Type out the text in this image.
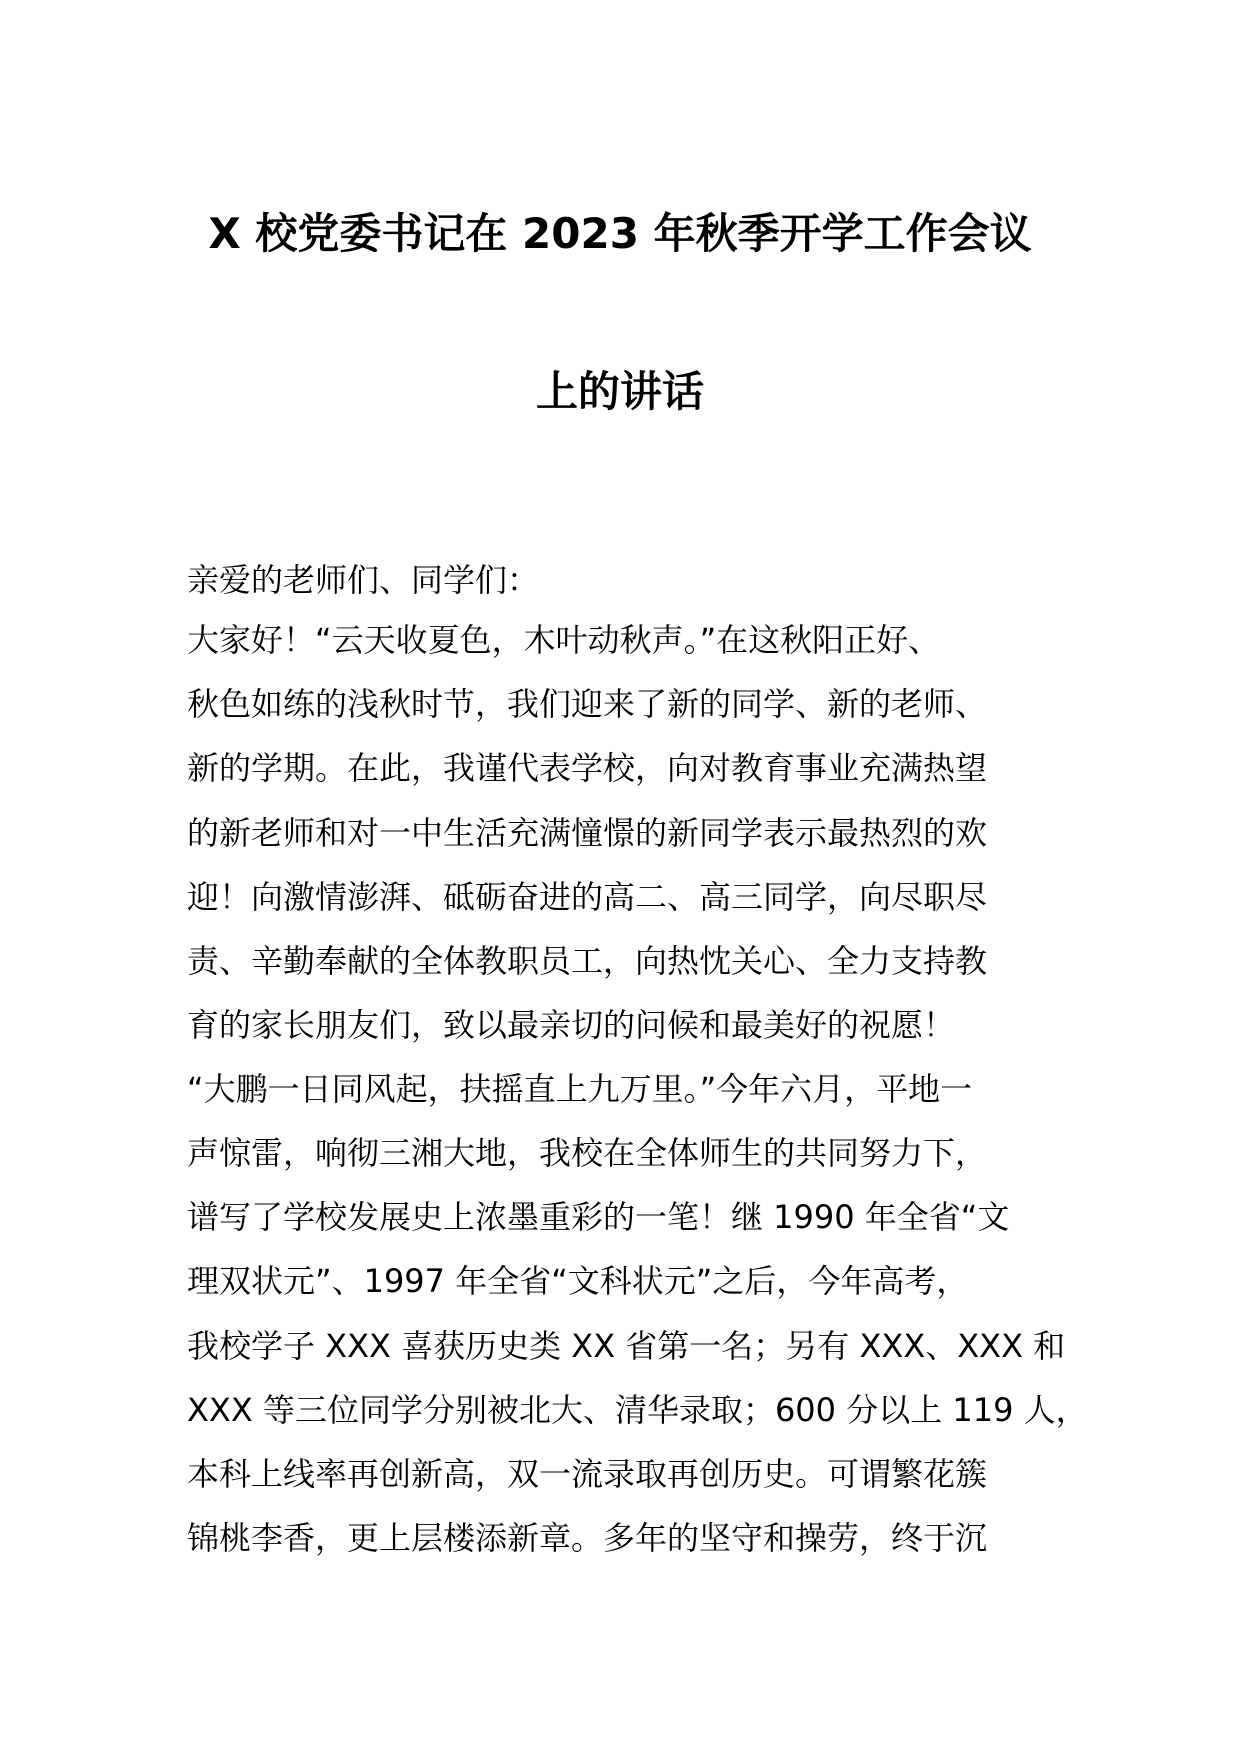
X 校党委书记在 2023 年秋季开学工作会议
上的讲话
亲爱的老师们、同学们：
大家好！“云天收夏色，木叶动秋声。”在这秋阳正好、
秋色如练的浅秋时节，我们迎来了新的同学、新的老师、
新的学期。在此，我谨代表学校，向对教育事业充满热望
的新老师和对一中生活充满憧憬的新同学表示最热烈的欢
迎！向激情澎湃、砥砺奋进的高二、高三同学，向尽职尽
责、辛勤奉献的全体教职员工，向热忱关心、全力支持教
育的家长朋友们，致以最亲切的问候和最美好的祝愿！
“大鹏一日同风起，扶摇直上九万里。”今年六月，平地一
声惊雷，响彻三湘大地，我校在全体师生的共同努力下，
谱写了学校发展史上浓墨重彩的一笔！继 1990 年全省“文
理双状元”、1997 年全省“文科状元”之后，今年高考，
我校学子 XXX 喜获历史类 XX 省第一名；另有 XXX、XXX 和
XXX 等三位同学分别被北大、清华录取；600 分以上 119 人，
本科上线率再创新高，双一流录取再创历史。可谓繁花簇
锦桃李香，更上层楼添新章。多年的坚守和操劳，终于沉
